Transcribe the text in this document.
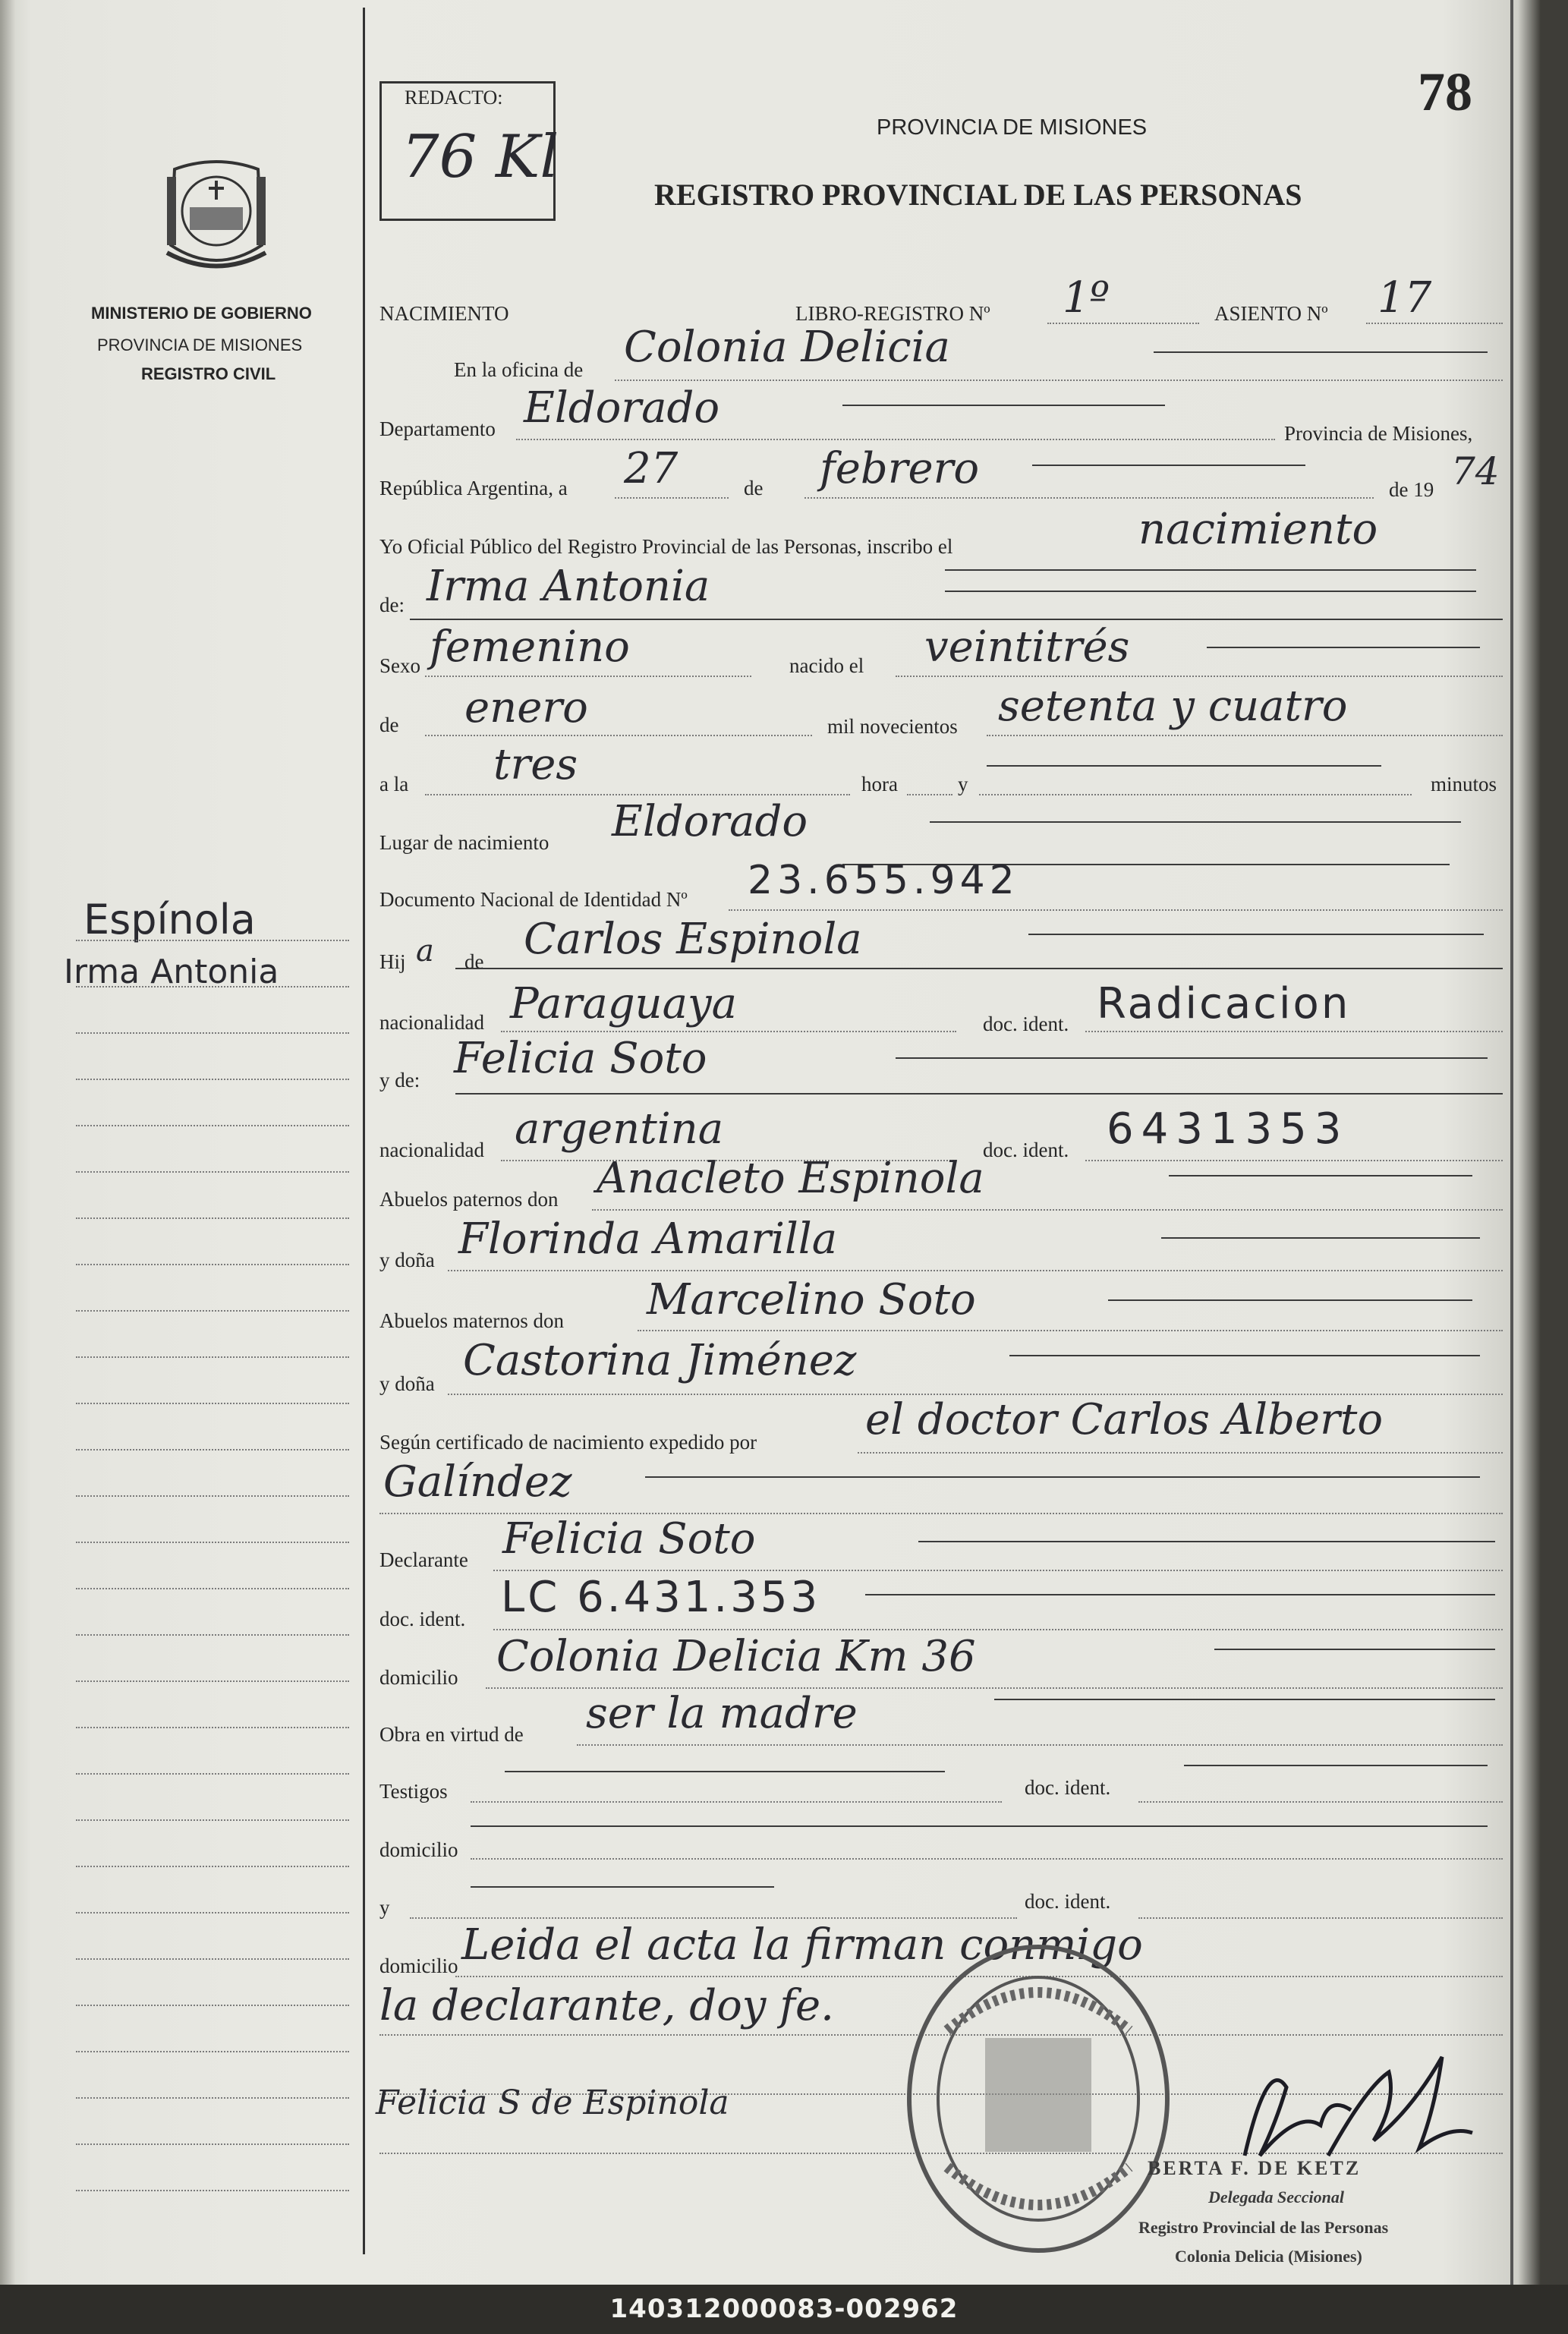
REDACTO:
76 Kl
78
MINISTERIO DE GOBIERNO
PROVINCIA DE MISIONES
REGISTRO CIVIL
Espínola
Irma Antonia
PROVINCIA DE MISIONES
REGISTRO PROVINCIAL DE LAS PERSONAS
NACIMIENTO	LIBRO-REGISTRO Nº 1º	ASIENTO Nº 17
En la oficina de Colonia Delicia
Departamento Eldorado
Provincia de Misiones,
República Argentina, a 27	de febrero	de 19 74
Yo Oficial Público del Registro Provincial de las Personas, inscribo el	nacimiento
de: Irma Antonia
Sexo femenino	nacido el veintitrés
de enero	mil novecientos setenta y cuatro
a la tres	hora	y	minutos
Lugar de nacimiento Eldorado
Documento Nacional de Identidad Nº 23.655.942
Hij a de Carlos Espinola
nacionalidad Paraguaya	doc. ident. Radicacion
y de: Felicia Soto
nacionalidad argentina	doc. ident. 6431353
Abuelos paternos don Anacleto Espinola
y doña Florinda Amarilla
Abuelos maternos don Marcelino Soto
y doña Castorina Jiménez
Según certificado de nacimiento expedido por	el doctor Carlos Alberto
Galíndez
Declarante Felicia Soto
doc. ident. LC 6.431.353
domicilio Colonia Delicia Km 36
Obra en virtud de ser la madre
Testigos	doc. ident.
domicilio
y	doc. ident.
domicilio Leida el acta la firman conmigo
la declarante, doy fe.
Felicia S de Espinola
BERTA F. DE KETZ
Delegada Seccional
Registro Provincial de las Personas
Colonia Delicia (Misiones)
140312000083-002962
